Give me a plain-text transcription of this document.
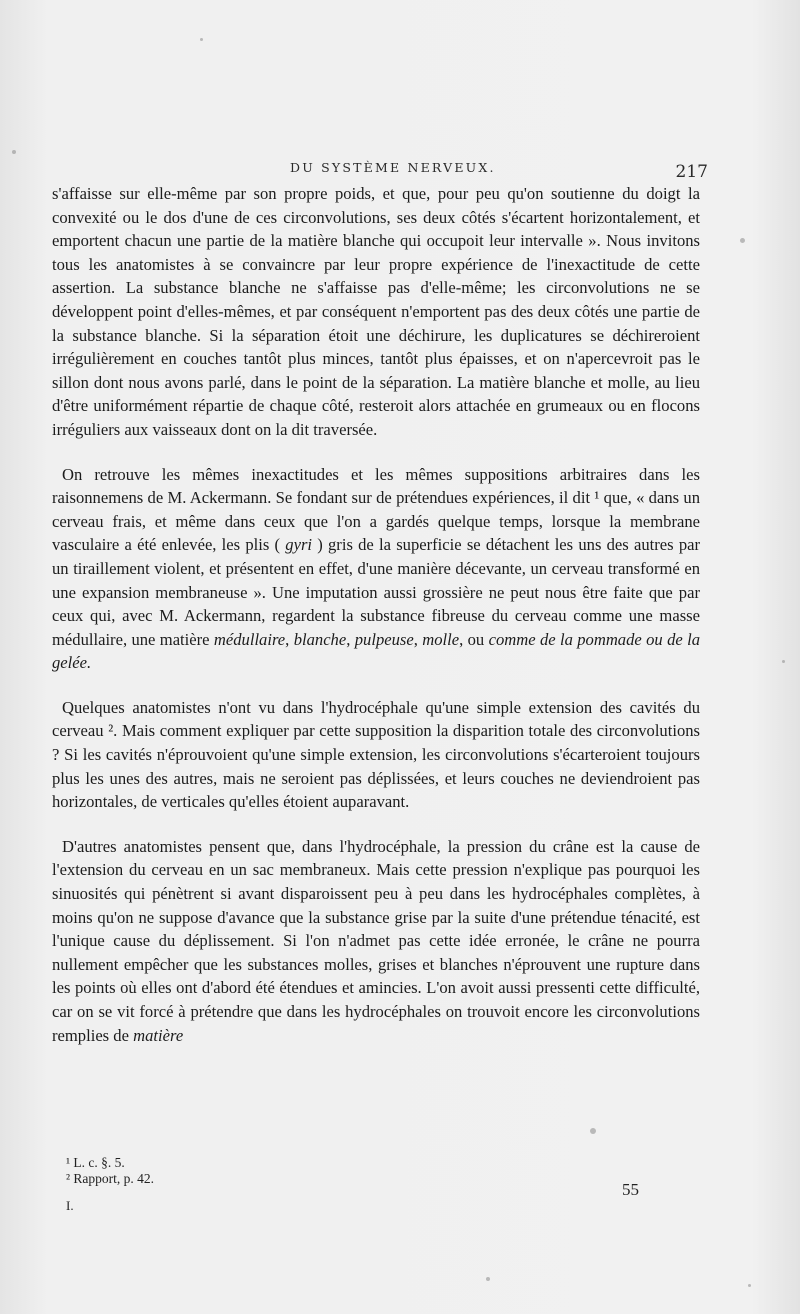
DU SYSTÈME NERVEUX.	217

s'affaisse sur elle-même par son propre poids, et que, pour peu qu'on soutienne du doigt la convexité ou le dos d'une de ces circonvolutions, ses deux côtés s'écartent horizontalement, et emportent chacun une partie de la matière blanche qui occupoit leur intervalle ». Nous invitons tous les anatomistes à se convaincre par leur propre expérience de l'inexactitude de cette assertion. La substance blanche ne s'affaisse pas d'elle-même; les circonvolutions ne se développent point d'elles-mêmes, et par conséquent n'emportent pas des deux côtés une partie de la substance blanche. Si la séparation étoit une déchirure, les duplicatures se déchireroient irrégulièrement en couches tantôt plus minces, tantôt plus épaisses, et on n'apercevroit pas le sillon dont nous avons parlé, dans le point de la séparation. La matière blanche et molle, au lieu d'être uniformément répartie de chaque côté, resteroit alors attachée en grumeaux ou en flocons irréguliers aux vaisseaux dont on la dit traversée.

On retrouve les mêmes inexactitudes et les mêmes suppositions arbitraires dans les raisonnemens de M. Ackermann. Se fondant sur de prétendues expériences, il dit ¹ que, « dans un cerveau frais, et même dans ceux que l'on a gardés quelque temps, lorsque la membrane vasculaire a été enlevée, les plis ( gyri ) gris de la superficie se détachent les uns des autres par un tiraillement violent, et présentent en effet, d'une manière décevante, un cerveau transformé en une expansion membraneuse ». Une imputation aussi grossière ne peut nous être faite que par ceux qui, avec M. Ackermann, regardent la substance fibreuse du cerveau comme une masse médullaire, une matière médullaire, blanche, pulpeuse, molle, ou comme de la pommade ou de la gelée.

Quelques anatomistes n'ont vu dans l'hydrocéphale qu'une simple extension des cavités du cerveau ². Mais comment expliquer par cette supposition la disparition totale des circonvolutions ? Si les cavités n'éprouvoient qu'une simple extension, les circonvolutions s'écarteroient toujours plus les unes des autres, mais ne seroient pas déplissées, et leurs couches ne deviendroient pas horizontales, de verticales qu'elles étoient auparavant.

D'autres anatomistes pensent que, dans l'hydrocéphale, la pression du crâne est la cause de l'extension du cerveau en un sac membraneux. Mais cette pression n'explique pas pourquoi les sinuosités qui pénètrent si avant disparoissent peu à peu dans les hydrocéphales complètes, à moins qu'on ne suppose d'avance que la substance grise par la suite d'une prétendue ténacité, est l'unique cause du déplissement. Si l'on n'admet pas cette idée erronée, le crâne ne pourra nullement empêcher que les substances molles, grises et blanches n'éprouvent une rupture dans les points où elles ont d'abord été étendues et amincies. L'on avoit aussi pressenti cette difficulté, car on se vit forcé à prétendre que dans les hydrocéphales on trouvoit encore les circonvolutions remplies de matière

¹ L. c. §. 5.
² Rapport, p. 42.
I.
55
